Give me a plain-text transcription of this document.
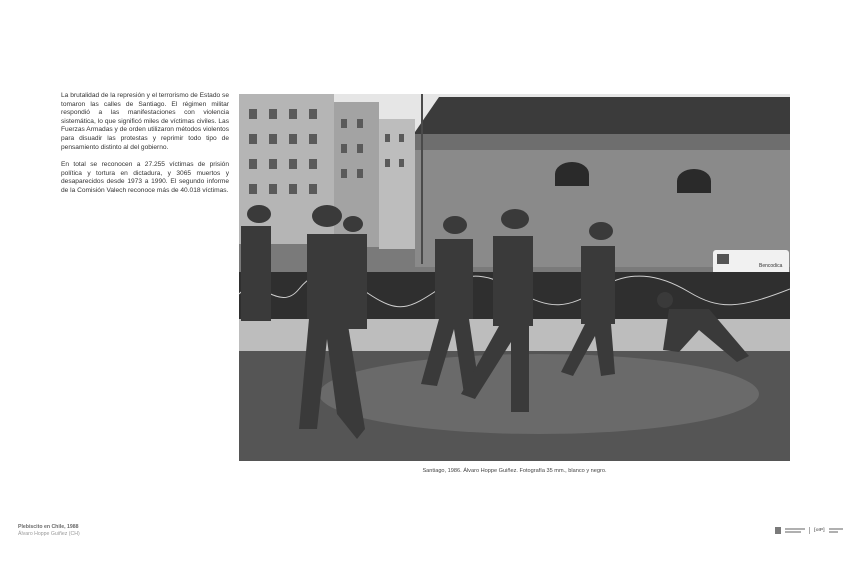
La brutalidad de la represión y el terrorismo de Estado se tomaron las calles de Santiago. El régimen militar respondió a las manifestaciones con violencia sistemática, lo que significó miles de víctimas civiles. Las Fuerzas Armadas y de orden utilizaron métodos violentos para disuadir las protestas y reprimir todo tipo de pensamiento distinto al del gobierno.

En total se reconocen a 27.255 víctimas de prisión política y tortura en dictadura, y 3065 muertos y desaparecidos desde 1973 a 1990. El segundo informe de la Comisión Valech reconoce más de 40.018 víctimas.

Bencodica
Santiago, 1986. Álvaro Hoppe Guiñez. Fotografía 35 mm., blanco y negro.
Plebiscito en Chile, 1988
Álvaro Hoppe Guiñez (CH)
[oIP]
